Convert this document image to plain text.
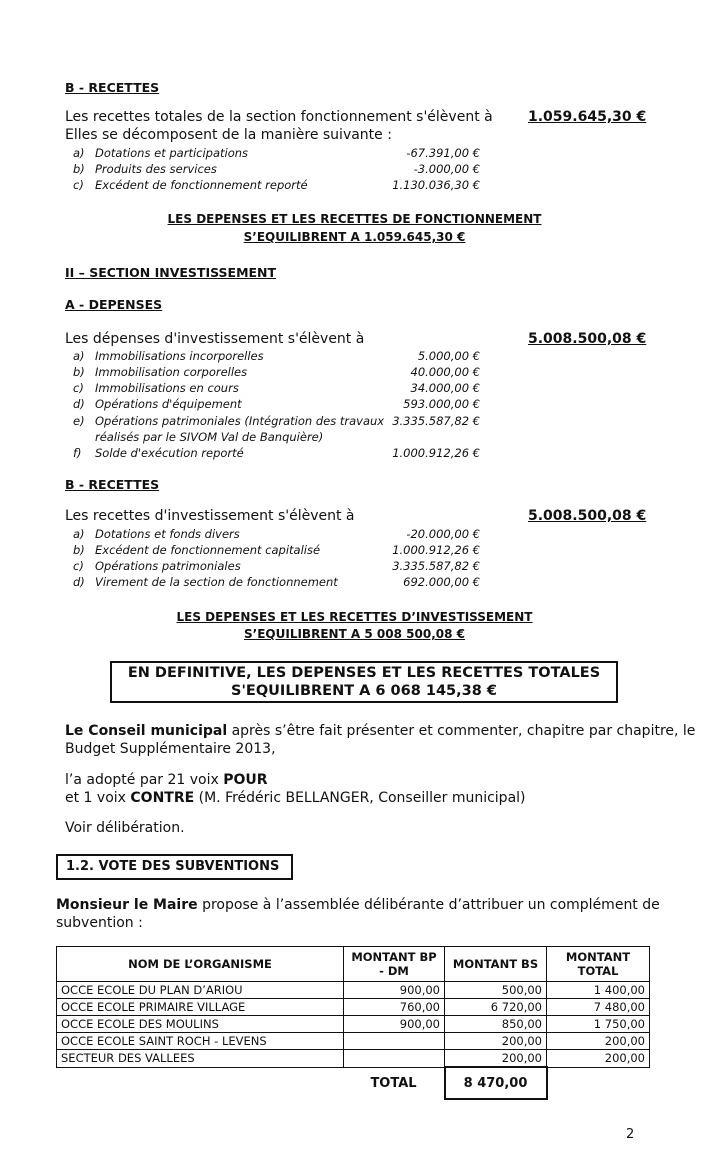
B - RECETTES
Les recettes totales de la section fonctionnement s'élèvent à	1.059.645,30 €
Elles se décomposent de la manière suivante :
a) Dotations et participations	-67.391,00 €
b) Produits des services	-3.000,00 €
c) Excédent de fonctionnement reporté	1.130.036,30 €
LES DEPENSES ET LES RECETTES DE FONCTIONNEMENT
S’EQUILIBRENT A 1.059.645,30 €
II – SECTION INVESTISSEMENT
A - DEPENSES
Les dépenses d'investissement s'élèvent à	5.008.500,08 €
a) Immobilisations incorporelles	5.000,00 €
b) Immobilisation corporelles	40.000,00 €
c) Immobilisations en cours	34.000,00 €
d) Opérations d'équipement	593.000,00 €
e) Opérations patrimoniales (Intégration des travaux
réalisés par le SIVOM Val de Banquière)
3.335.587,82 €
f) Solde d'exécution reporté	1.000.912,26 €
B - RECETTES
Les recettes d'investissement s'élèvent à	5.008.500,08 €
a) Dotations et fonds divers	-20.000,00 €
b) Excédent de fonctionnement capitalisé	1.000.912,26 €
c) Opérations patrimoniales	3.335.587,82 €
d) Virement de la section de fonctionnement	692.000,00 €
LES DEPENSES ET LES RECETTES D’INVESTISSEMENT
S’EQUILIBRENT A 5 008 500,08 €
EN DEFINITIVE, LES DEPENSES ET LES RECETTES TOTALES
S'EQUILIBRENT A 6 068 145,38 €
Le Conseil municipal après s’être fait présenter et commenter, chapitre par chapitre, le
Budget Supplémentaire 2013,
l’a adopté par 21 voix POUR
et 1 voix CONTRE (M. Frédéric BELLANGER, Conseiller municipal)
Voir délibération.
1.2. VOTE DES SUBVENTIONS
Monsieur le Maire propose à l’assemblée délibérante d’attribuer un complément de
subvention :
NOM DE L’ORGANISME	MONTANT BP - DM	MONTANT BS	MONTANT TOTAL
OCCE ECOLE DU PLAN D’ARIOU	900,00	500,00	1 400,00
OCCE ECOLE PRIMAIRE VILLAGE	760,00	6 720,00	7 480,00
OCCE ECOLE DES MOULINS	900,00	850,00	1 750,00
OCCE ECOLE SAINT ROCH - LEVENS		200,00	200,00
SECTEUR DES VALLEES		200,00	200,00
	TOTAL	8 470,00	
2
